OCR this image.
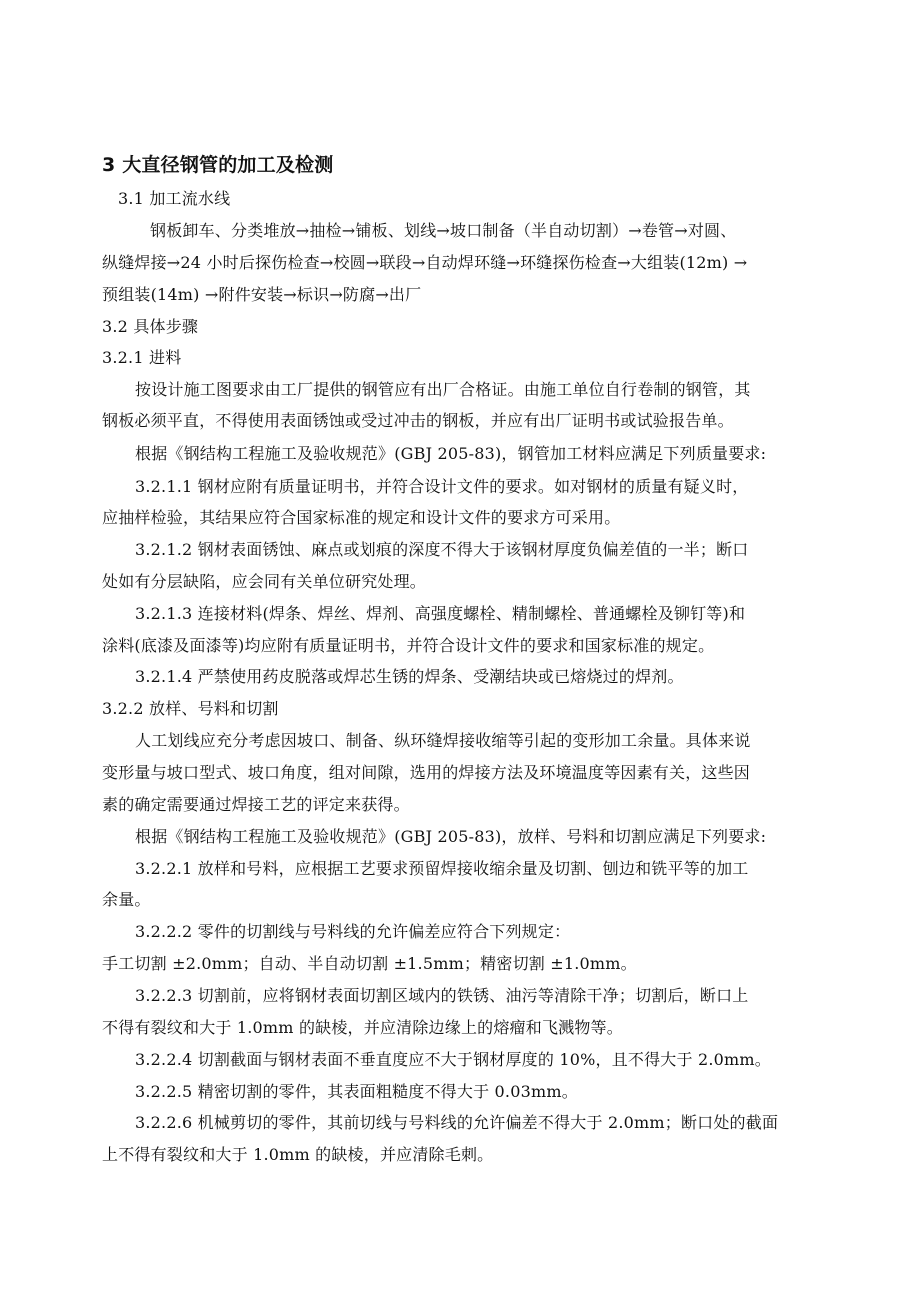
3 大直径钢管的加工及检测
3.1 加工流水线
钢板卸车、分类堆放→抽检→铺板、划线→坡口制备（半自动切割）→卷管→对圆、
纵缝焊接→24 小时后探伤检查→校圆→联段→自动焊环缝→环缝探伤检查→大组装(12m) →
预组装(14m) →附件安装→标识→防腐→出厂
3.2 具体步骤
3.2.1 进料
按设计施工图要求由工厂提供的钢管应有出厂合格证。由施工单位自行卷制的钢管，其
钢板必须平直，不得使用表面锈蚀或受过冲击的钢板，并应有出厂证明书或试验报告单。
根据《钢结构工程施工及验收规范》(GBJ 205-83)，钢管加工材料应满足下列质量要求:
3.2.1.1 钢材应附有质量证明书，并符合设计文件的要求。如对钢材的质量有疑义时，
应抽样检验，其结果应符合国家标准的规定和设计文件的要求方可采用。
3.2.1.2 钢材表面锈蚀、麻点或划痕的深度不得大于该钢材厚度负偏差值的一半；断口
处如有分层缺陷，应会同有关单位研究处理。
3.2.1.3 连接材料(焊条、焊丝、焊剂、高强度螺栓、精制螺栓、普通螺栓及铆钉等)和
涂料(底漆及面漆等)均应附有质量证明书，并符合设计文件的要求和国家标准的规定。
3.2.1.4 严禁使用药皮脱落或焊芯生锈的焊条、受潮结块或已熔烧过的焊剂。
3.2.2 放样、号料和切割
人工划线应充分考虑因坡口、制备、纵环缝焊接收缩等引起的变形加工余量。具体来说
变形量与坡口型式、坡口角度，组对间隙，选用的焊接方法及环境温度等因素有关，这些因
素的确定需要通过焊接工艺的评定来获得。
根据《钢结构工程施工及验收规范》(GBJ 205-83)，放样、号料和切割应满足下列要求:
3.2.2.1 放样和号料，应根据工艺要求预留焊接收缩余量及切割、刨边和铣平等的加工
余量。
3.2.2.2 零件的切割线与号料线的允许偏差应符合下列规定：
手工切割 ±2.0mm；自动、半自动切割 ±1.5mm；精密切割 ±1.0mm。
3.2.2.3 切割前，应将钢材表面切割区域内的铁锈、油污等清除干净；切割后，断口上
不得有裂纹和大于 1.0mm 的缺棱，并应清除边缘上的熔瘤和飞溅物等。
3.2.2.4 切割截面与钢材表面不垂直度应不大于钢材厚度的 10%，且不得大于 2.0mm。
3.2.2.5 精密切割的零件，其表面粗糙度不得大于 0.03mm。
3.2.2.6 机械剪切的零件，其前切线与号料线的允许偏差不得大于 2.0mm；断口处的截面
上不得有裂纹和大于 1.0mm 的缺棱，并应清除毛刺。
